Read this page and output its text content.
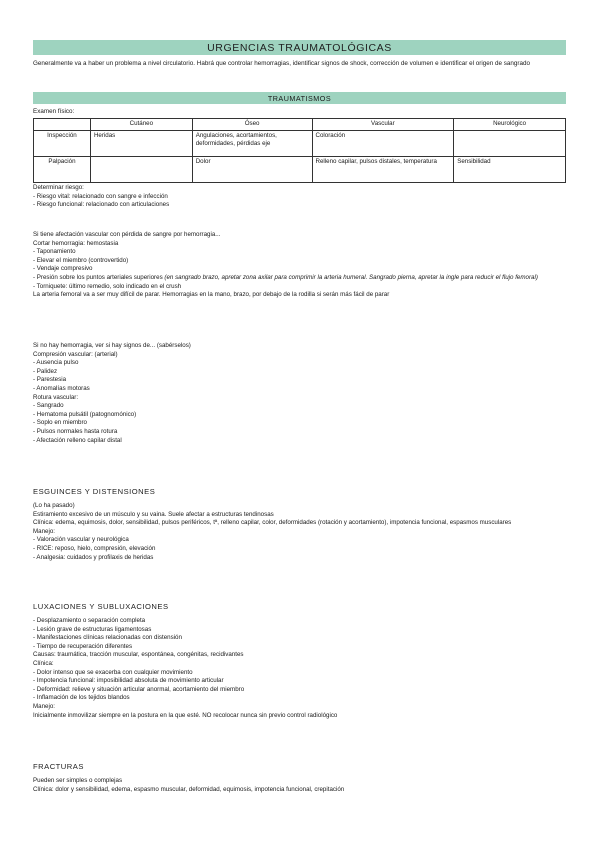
URGENCIAS TRAUMATOLÓGICAS
Generalmente va a haber un problema a nivel circulatorio. Habrá que controlar hemorragias, identificar signos de shock, corrección de volumen e identificar el origen de sangrado
TRAUMATISMOS
Examen físico:
	Cutáneo	Óseo	Vascular	Neurológico
Inspección	Heridas	Angulaciones, acortamientos, deformidades, pérdidas eje	Coloración	
Palpación		Dolor	Relleno capilar, pulsos distales, temperatura	Sensibilidad

Determinar riesgo:

- Riesgo vital: relacionado con sangre e infección

- Riesgo funcional: relacionado con articulaciones

Si tiene afectación vascular con pérdida de sangre por hemorragia...

Cortar hemorragia: hemostasia

- Taponamiento

- Elevar el miembro (controvertido)

- Vendaje compresivo

- Presión sobre los puntos arteriales superiores (en sangrado brazo, apretar zona axilar para comprimir la arteria humeral. Sangrado pierna, apretar la ingle para reducir el flujo femoral)

- Torniquete: último remedio, solo indicado en el crush

La arteria femoral va a ser muy difícil de parar. Hemorragias en la mano, brazo, por debajo de la rodilla si serán más fácil de parar

Si no hay hemorragia, ver si hay signos de... (sabérselos)

Compresión vascular: (arterial)

- Ausencia pulso

- Palidez

- Parestesia

- Anomalías motoras

Rotura vascular:

- Sangrado

- Hematoma pulsátil (patognomónico)

- Soplo en miembro

- Pulsos normales hasta rotura

- Afectación relleno capilar distal

ESGUINCES Y DISTENSIONES

(Lo ha pasado)

Estiramiento excesivo de un músculo y su vaina. Suele afectar a estructuras tendinosas

Clínica: edema, equimosis, dolor, sensibilidad, pulsos periféricos, tª, relleno capilar, color, deformidades (rotación y acortamiento), impotencia funcional, espasmos musculares

Manejo:

- Valoración vascular y neurológica

- RICE: reposo, hielo, compresión, elevación

- Analgesia: cuidados y profilaxis de heridas

LUXACIONES Y SUBLUXACIONES

- Desplazamiento o separación completa

- Lesión grave de estructuras ligamentosas

- Manifestaciones clínicas relacionadas con distensión

- Tiempo de recuperación diferentes

Causas: traumática, tracción muscular, espontánea, congénitas, recidivantes

Clínica:

- Dolor intenso que se exacerba con cualquier movimiento

- Impotencia funcional: imposibilidad absoluta de movimiento articular

- Deformidad: relieve y situación articular anormal, acortamiento del miembro

- Inflamación de los tejidos blandos

Manejo:

Inicialmente inmovilizar siempre en la postura en la que esté. NO recolocar nunca sin previo control radiológico

FRACTURAS

Pueden ser simples o complejas

Clínica: dolor y sensibilidad, edema, espasmo muscular, deformidad, equimosis, impotencia funcional, crepitación
